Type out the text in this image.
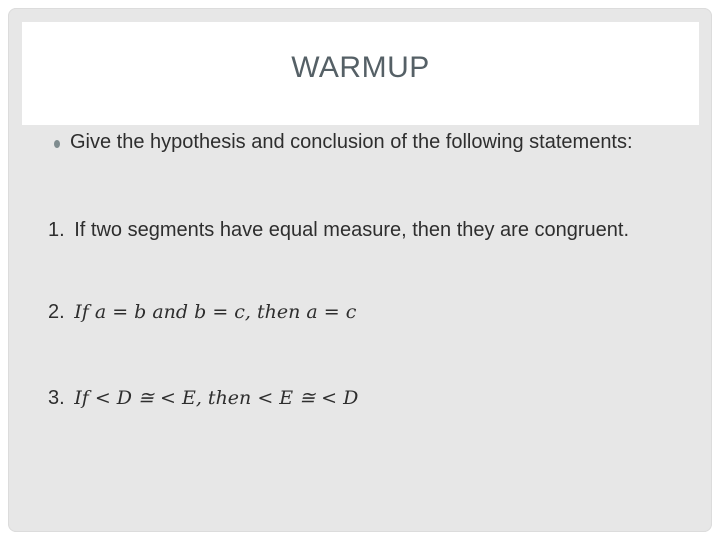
WARMUP
Give the hypothesis and conclusion of the following statements:
1. If two segments have equal measure, then they are congruent.
2. If a = b and b = c, then a = c
3. If < D ≅ < E, then < E ≅ < D
